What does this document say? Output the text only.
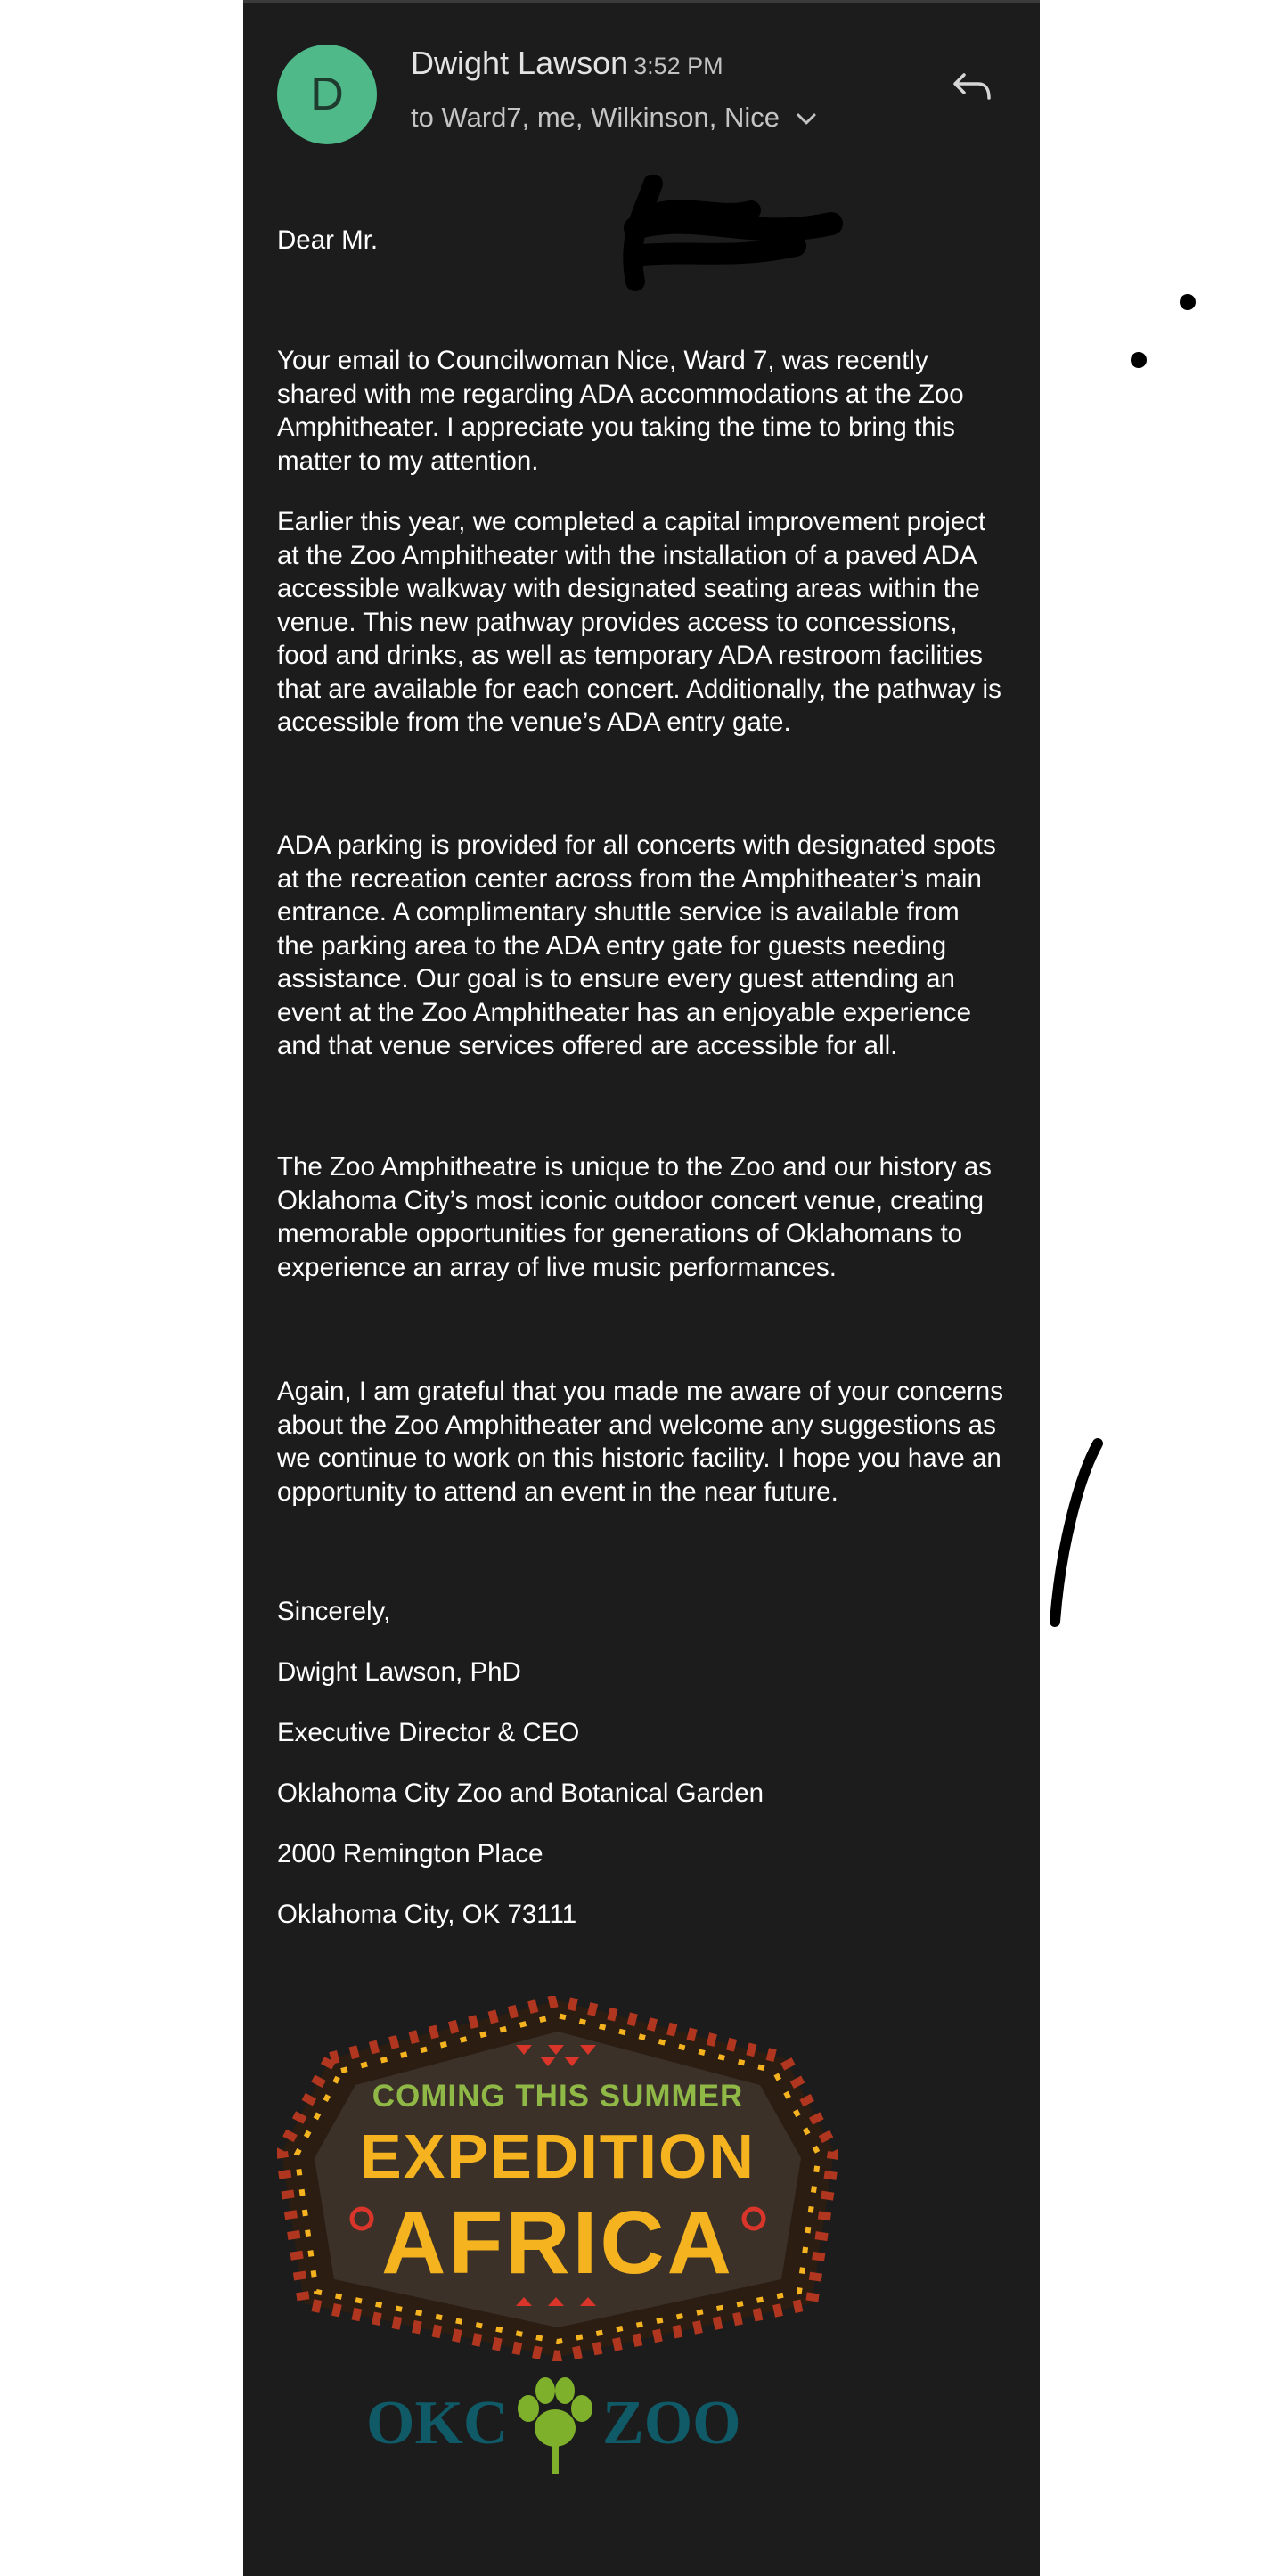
D
Dwight Lawson 3:52 PM
to Ward7, me, Wilkinson, Nice
Dear Mr.
Your email to Councilwoman Nice, Ward 7, was recently
shared with me regarding ADA accommodations at the Zoo
Amphitheater. I appreciate you taking the time to bring this
matter to my attention.
Earlier this year, we completed a capital improvement project
at the Zoo Amphitheater with the installation of a paved ADA
accessible walkway with designated seating areas within the
venue. This new pathway provides access to concessions,
food and drinks, as well as temporary ADA restroom facilities
that are available for each concert. Additionally, the pathway is
accessible from the venue’s ADA entry gate.
ADA parking is provided for all concerts with designated spots
at the recreation center across from the Amphitheater’s main
entrance. A complimentary shuttle service is available from
the parking area to the ADA entry gate for guests needing
assistance. Our goal is to ensure every guest attending an
event at the Zoo Amphitheater has an enjoyable experience
and that venue services offered are accessible for all.
The Zoo Amphitheatre is unique to the Zoo and our history as
Oklahoma City’s most iconic outdoor concert venue, creating
memorable opportunities for generations of Oklahomans to
experience an array of live music performances.
Again, I am grateful that you made me aware of your concerns
about the Zoo Amphitheater and welcome any suggestions as
we continue to work on this historic facility. I hope you have an
opportunity to attend an event in the near future.
Sincerely,
Dwight Lawson, PhD
Executive Director & CEO
Oklahoma City Zoo and Botanical Garden
2000 Remington Place
Oklahoma City, OK 73111
COMING THIS SUMMER
EXPEDITION
AFRICA
OKC ZOO
